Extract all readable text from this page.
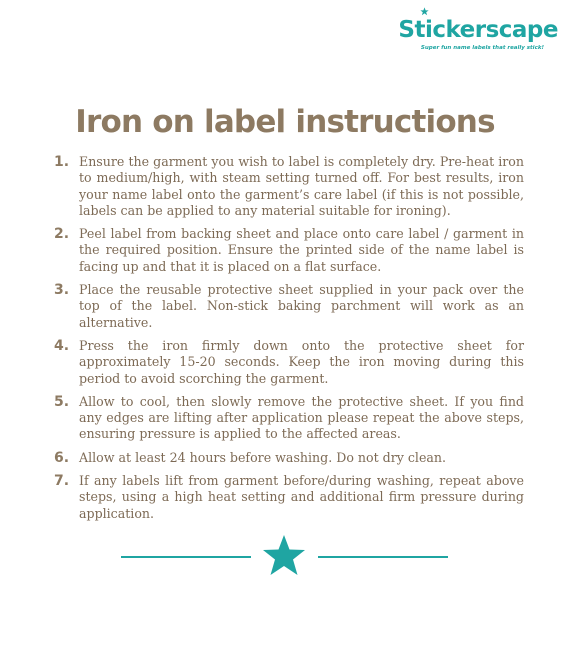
Stickerscape
Super fun name labels that really stick!
Iron on label instructions
1. Ensure the garment you wish to label is completely dry. Pre-heat iron to medium/high, with steam setting turned off. For best results, iron your name label onto the garment’s care label (if this is not possible, labels can be applied to any material suitable for ironing).
2. Peel label from backing sheet and place onto care label / garment in the required position. Ensure the printed side of the name label is facing up and that it is placed on a flat surface.
3. Place the reusable protective sheet supplied in your pack over the top of the label. Non-stick baking parchment will work as an alternative.
4. Press the iron firmly down onto the protective sheet for approximately 15-20 seconds. Keep the iron moving during this period to avoid scorching the garment.
5. Allow to cool, then slowly remove the protective sheet. If you find any edges are lifting after application please repeat the above steps, ensuring pressure is applied to the affected areas.
6. Allow at least 24 hours before washing. Do not dry clean.
7. If any labels lift from garment before/during washing, repeat above steps, using a high heat setting and additional firm pressure during application.
